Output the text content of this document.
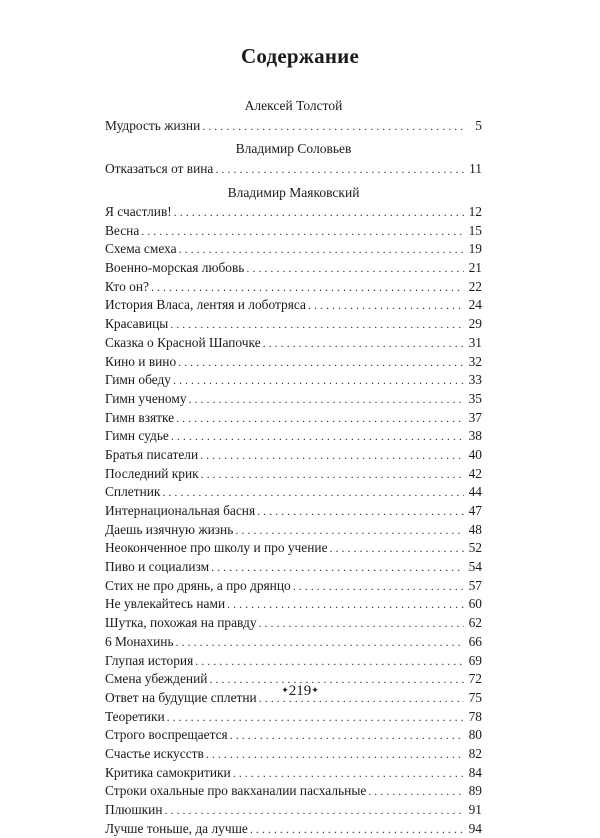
Содержание
Алексей Толстой
Мудрость жизни . . .	5
Владимир Соловьев
Отказаться от вина . . .	11
Владимир Маяковский
Я счастлив! . . .	12
Весна . . .	15
Схема смеха . . .	19
Военно-морская любовь . . .	21
Кто он? . . .	22
История Власа, лентяя и лоботряса . . .	24
Красавицы . . .	29
Сказка о Красной Шапочке . . .	31
Кино и вино . . .	32
Гимн обеду . . .	33
Гимн ученому . . .	35
Гимн взятке . . .	37
Гимн судье . . .	38
Братья писатели . . .	40
Последний крик . . .	42
Сплетник . . .	44
Интернациональная басня . . .	47
Даешь изячную жизнь . . .	48
Неоконченное про школу и про учение . . .	52
Пиво и социализм . . .	54
Стих не про дрянь, а про дрянцо . . .	57
Не увлекайтесь нами . . .	60
Шутка, похожая на правду . . .	62
6 Монахинь . . .	66
Глупая история . . .	69
Смена убеждений . . .	72
Ответ на будущие сплетни . . .	75
Теоретики . . .	78
Строго воспрещается . . .	80
Счастье искусств . . .	82
Критика самокритики . . .	84
Строки охальные про вакханалии пасхальные . . .	89
Плюшкин . . .	91
Лучше тоньше, да лучше . . .	94
✦219✦
